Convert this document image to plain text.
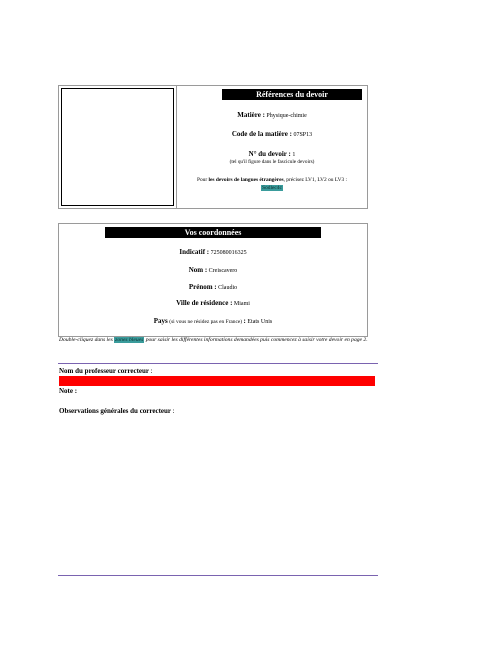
Références du devoir
Matière : Physique-chimie
Code de la matière : 07SP13
N° du devoir : 1
(tel qu'il figure dans le fascicule devoirs)
Pour les devoirs de langues étrangères, précisez LV1, LV2 ou LV3 :
Sodlec4c
Vos coordonnées
Indicatif : 725080016325
Nom : Creiscavero
Prénom : Claudio
Ville de résidence : Miami
Pays (si vous ne résidez pas en France) : Etats Unis
Double-cliquez dans les zones bleues pour saisir les différentes informations demandées puis commencez à saisir votre devoir en page 2.
Nom du professeur correcteur :
Note :
Observations générales du correcteur :
